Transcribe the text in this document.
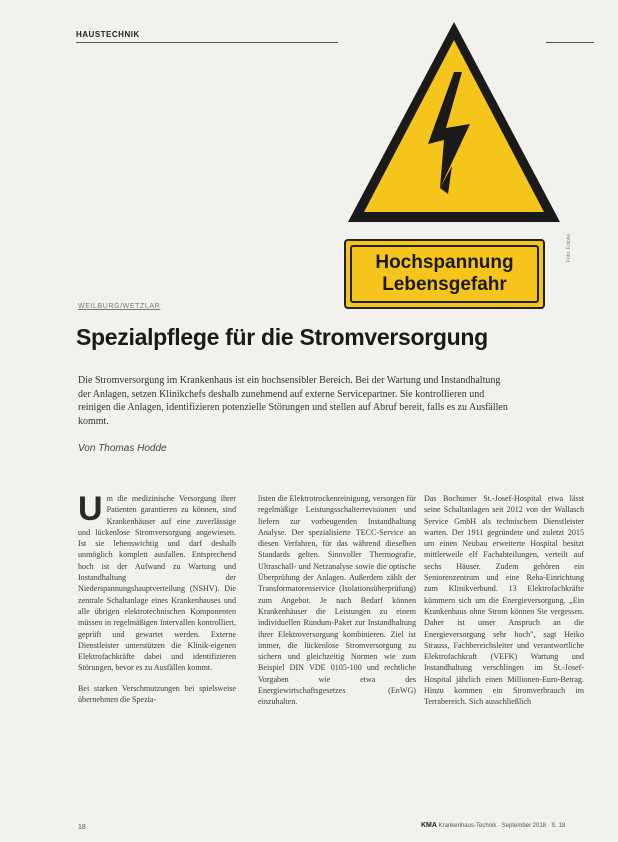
HAUSTECHNIK
Hochspannung
Lebensgefahr
Foto: Fotolia
WEILBURG/WETZLAR
Spezialpflege für die Stromversorgung
Die Stromversorgung im Krankenhaus ist ein hochsensibler Bereich. Bei der Wartung und Instandhaltung der Anlagen, setzen Klinikchefs deshalb zunehmend auf externe Servicepartner. Sie kontrollieren und reinigen die Anlagen, identifizieren potenzielle Störungen und stellen auf Abruf bereit, falls es zu Ausfällen kommt.
Von Thomas Hodde

Um die medizinische Versorgung ihrer Patienten garantieren zu können, sind Krankenhäuser auf eine zuverlässige und lückenlose Stromversorgung angewiesen. Ist sie lebenswichtig und darf deshalb unmöglich komplett ausfallen. Entsprechend hoch ist der Aufwand zu Wartung und Instandhaltung der Niederspannungshauptverteilung (NSHV). Die zentrale Schaltanlage eines Krankenhauses und alle übrigen elektrotechnischen Komponenten müssen in regelmäßigen Intervallen kontrolliert, geprüft und gewartet werden. Externe Dienstleister unterstützen die Klinik-eigenen Elektrofachkräfte dabei und identifizieren Störungen, bevor es zu Ausfällen kommt.

Bei starken Verschmutzungen bei spielsweise übernehmen die Spezia-

listen die Elektrotrockenreinigung, versorgen für regelmäßige Leistungsschalterrevisionen und liefern zur vorbeugenden Instandhaltung Analyse. Der spezialisierte TECC-Service an diesen Verfahren, für das während dieselben Standards gelten. Sinnvoller Thermografie, Ultraschall- und Netzanalyse sowie die optische Überprüfung der Anlagen. Außerdem zählt der Transformatorenservice (Isolationsüberprüfung) zum Angebot. Je nach Bedarf können Krankenhäuser die Leistungen zu einem individuellen Rundum-Paket zur Instandhaltung ihrer Elektroversorgung kombinieren. Ziel ist immer, die lückenlose Stromversorgung zu sichern und gleichzeitig Normen wie zum Beispiel DIN VDE 0105-100 und rechtliche Vorgaben wie etwa des Energiewirtschaftsgesetzes (EnWG) einzuhalten.

Das Bochumer St.-Josef-Hospital etwa lässt seine Schaltanlagen seit 2012 von der Wallasch Service GmbH als technischem Dienstleister warten. Der 1911 gegründete und zuletzt 2015 um einen Neubau erweiterte Hospital besitzt mittlerweile elf Fachabteilungen, verteilt auf sechs Häuser. Zudem gehören ein Seniorenzentrum und eine Reha-Einrichtung zum Klinikverbund. 13 Elektrofachkräfte kümmern sich um die Energieversorgung. „Ein Krankenhaus ohne Strom können Sie vergessen. Daher ist unser Anspruch an die Energieversorgung sehr hoch", sagt Heiko Strauss, Fachbereichsleiter und verantwortliche Elektrofachkraft (VEFK) Wartung und Instandhaltung verschlingen im St.-Josef-Hospital jährlich einen Millionen-Euro-Betrag. Hinzu kommen ein Stromverbrauch im Terrabereich. Sich ausschließlich

18	KMA Krankenhaus-Technik · September 2018 · S. 18
